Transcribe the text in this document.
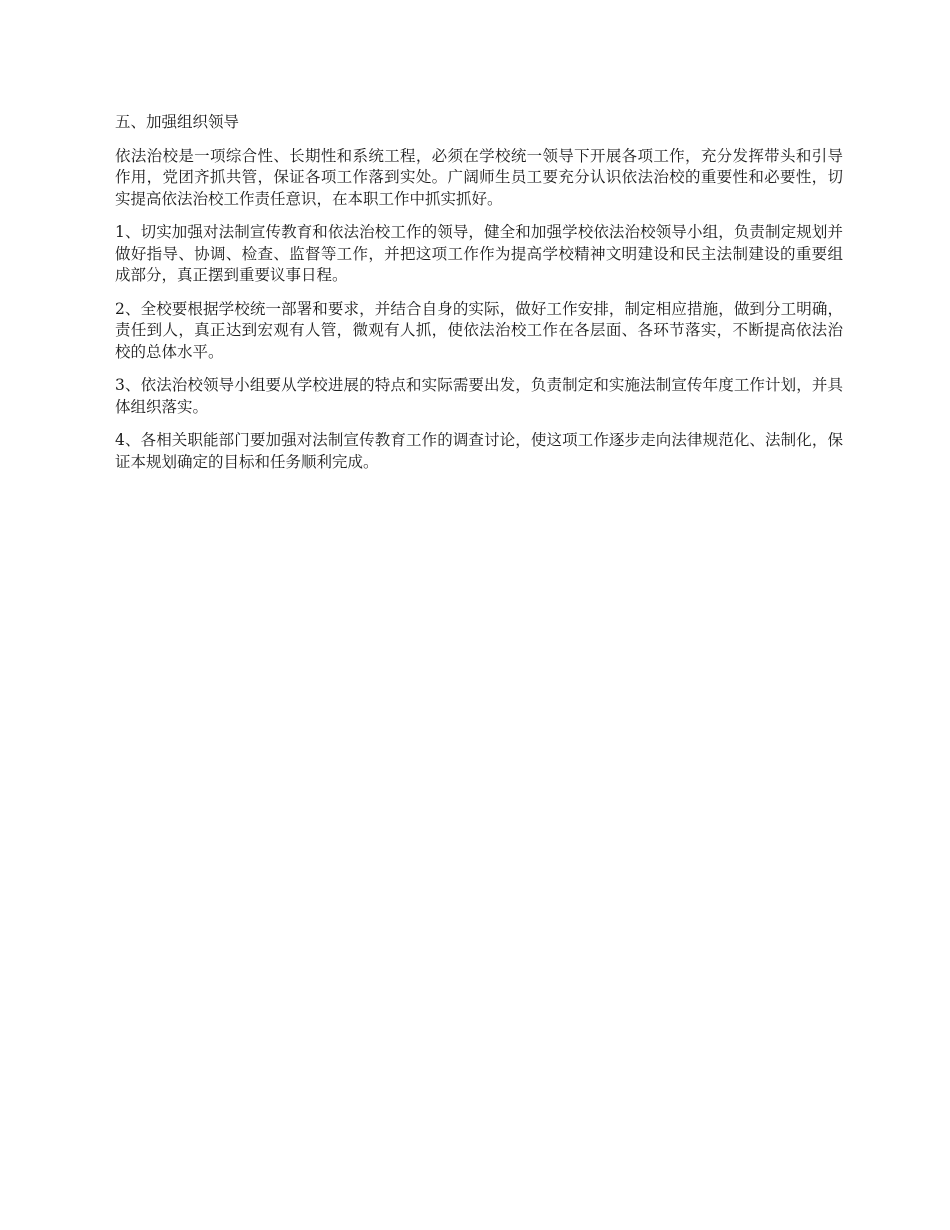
五、加强组织领导

依法治校是一项综合性、长期性和系统工程，必须在学校统一领导下开展各项工作，充分发挥带头和引导作用，党团齐抓共管，保证各项工作落到实处。广阔师生员工要充分认识依法治校的重要性和必要性，切实提高依法治校工作责任意识，在本职工作中抓实抓好。

1、切实加强对法制宣传教育和依法治校工作的领导，健全和加强学校依法治校领导小组，负责制定规划并做好指导、协调、检查、监督等工作，并把这项工作作为提高学校精神文明建设和民主法制建设的重要组成部分，真正摆到重要议事日程。

2、全校要根据学校统一部署和要求，并结合自身的实际，做好工作安排，制定相应措施，做到分工明确，责任到人，真正达到宏观有人管，微观有人抓，使依法治校工作在各层面、各环节落实，不断提高依法治校的总体水平。

3、依法治校领导小组要从学校进展的特点和实际需要出发，负责制定和实施法制宣传年度工作计划，并具体组织落实。

4、各相关职能部门要加强对法制宣传教育工作的调查讨论，使这项工作逐步走向法律规范化、法制化，保证本规划确定的目标和任务顺利完成。
